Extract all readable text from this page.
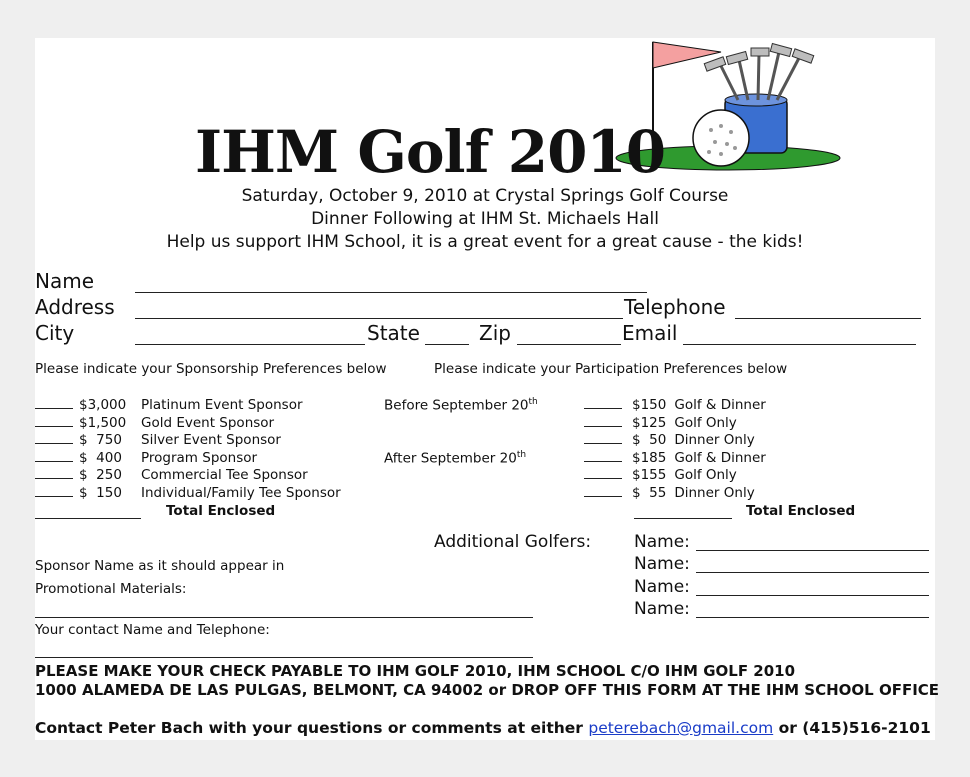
IHM Golf 2010
Saturday, October 9, 2010 at Crystal Springs Golf Course
Dinner Following at IHM St. Michaels Hall
Help us support IHM School, it is a great event for a great cause - the kids!
Name
Address	Telephone
City	State	Zip	Email
Please indicate your Sponsorship Preferences below	Please indicate your Participation Preferences below
$3,000 Platinum Event Sponsor
$1,500 Gold Event Sponsor
$  750 Silver Event Sponsor
$  400 Program Sponsor
$  250 Commercial Tee Sponsor
$  150 Individual/Family Tee Sponsor
Total Enclosed
Before September 20th
After September 20th
$150 Golf & Dinner
$125 Golf Only
$  50 Dinner Only
$185 Golf & Dinner
$155 Golf Only
$  55 Dinner Only
Total Enclosed
Additional Golfers:	Name:
Name:
Name:
Name:
Sponsor Name as it should appear in
Promotional Materials:
Your contact Name and Telephone:
PLEASE MAKE YOUR CHECK PAYABLE TO IHM GOLF 2010, IHM SCHOOL C/O IHM GOLF 2010
1000 ALAMEDA DE LAS PULGAS, BELMONT, CA 94002 or DROP OFF THIS FORM AT THE IHM SCHOOL OFFICE
Contact Peter Bach with your questions or comments at either peterebach@gmail.com or (415)516-2101
